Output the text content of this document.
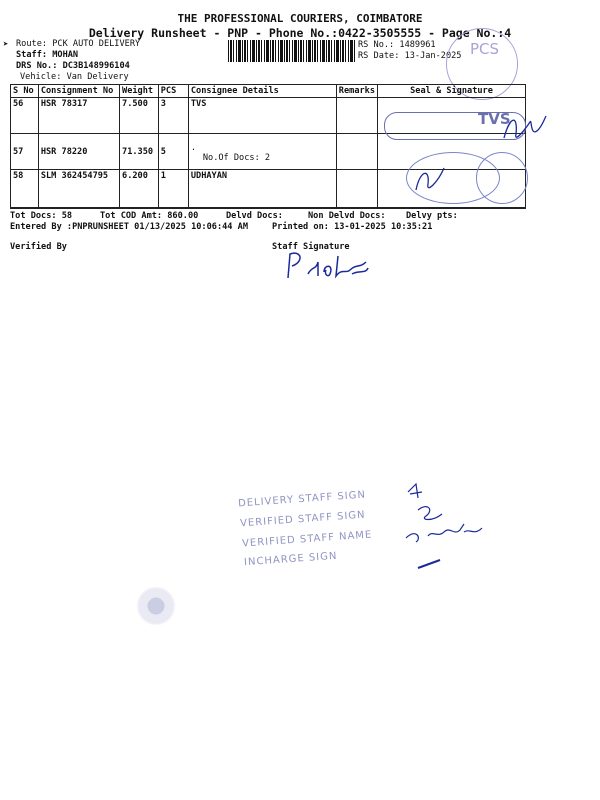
THE PROFESSIONAL COURIERS, COIMBATORE
Delivery Runsheet - PNP - Phone No.:0422-3505555 - Page No.:4
Route: PCK AUTO DELIVERY
Staff: MOHAN
DRS No.: DC3B148996104
Vehicle: Van Delivery
➤	RS No.: 1489961
RS Date: 13-Jan-2025 PCS
S No	Consignment No	Weight	PCS	Consignee Details	Remarks	Seal & Signature
56	HSR 78317	7.500	3	TVS		
57	HSR 78220	71.350	5	.
No.Of Docs: 2		

58	SLM 362454795	6.200	1	UDHAYAN		
TVS
Tot Docs: 58	Tot COD Amt: 860.00	Delvd Docs:	Non Delvd Docs: Delvy pts:
Entered By :PNPRUNSHEET 01/13/2025 10:06:44 AM	Printed on: 13-01-2025 10:35:21
Verified By	Staff Signature
DELIVERY STAFF SIGN
VERIFIED STAFF SIGN
VERIFIED STAFF NAME
INCHARGE SIGN
